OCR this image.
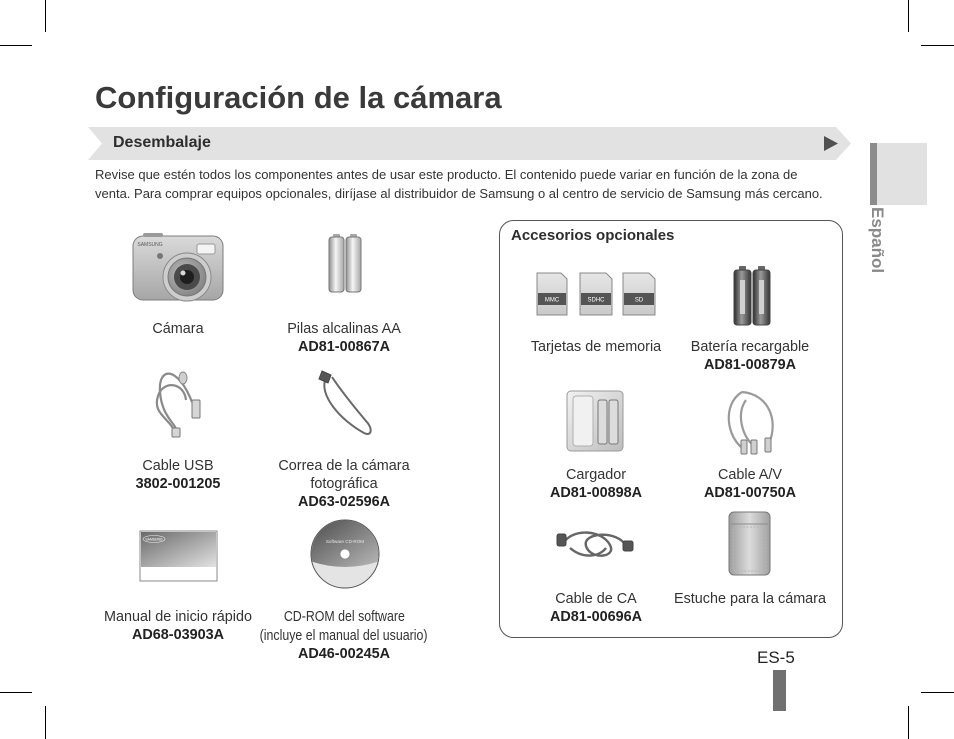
SAMSUNG
SAMSUNG	Software CD-ROM
MMC	SDHC	SD
Configuración de la cámara
Desembalaje
Revise que estén todos los componentes antes de usar este producto. El contenido puede variar en función de la zona de
venta. Para comprar equipos opcionales, diríjase al distribuidor de Samsung o al centro de servicio de Samsung más cercano.
Español
Cámara	Pilas alcalinas AA
AD81-00867A
Cable USB
3802-001205
Correa de la cámara
fotográfica
AD63-02596A
Manual de inicio rápido
AD68-03903A
CD-ROM del software
(incluye el manual del usuario)
AD46-00245A
Accesorios opcionales
Tarjetas de memoria	Batería recargable
AD81-00879A
Cargador
AD81-00898A
Cable A/V
AD81-00750A
Cable de CA
AD81-00696A
Estuche para la cámara
ES-5
